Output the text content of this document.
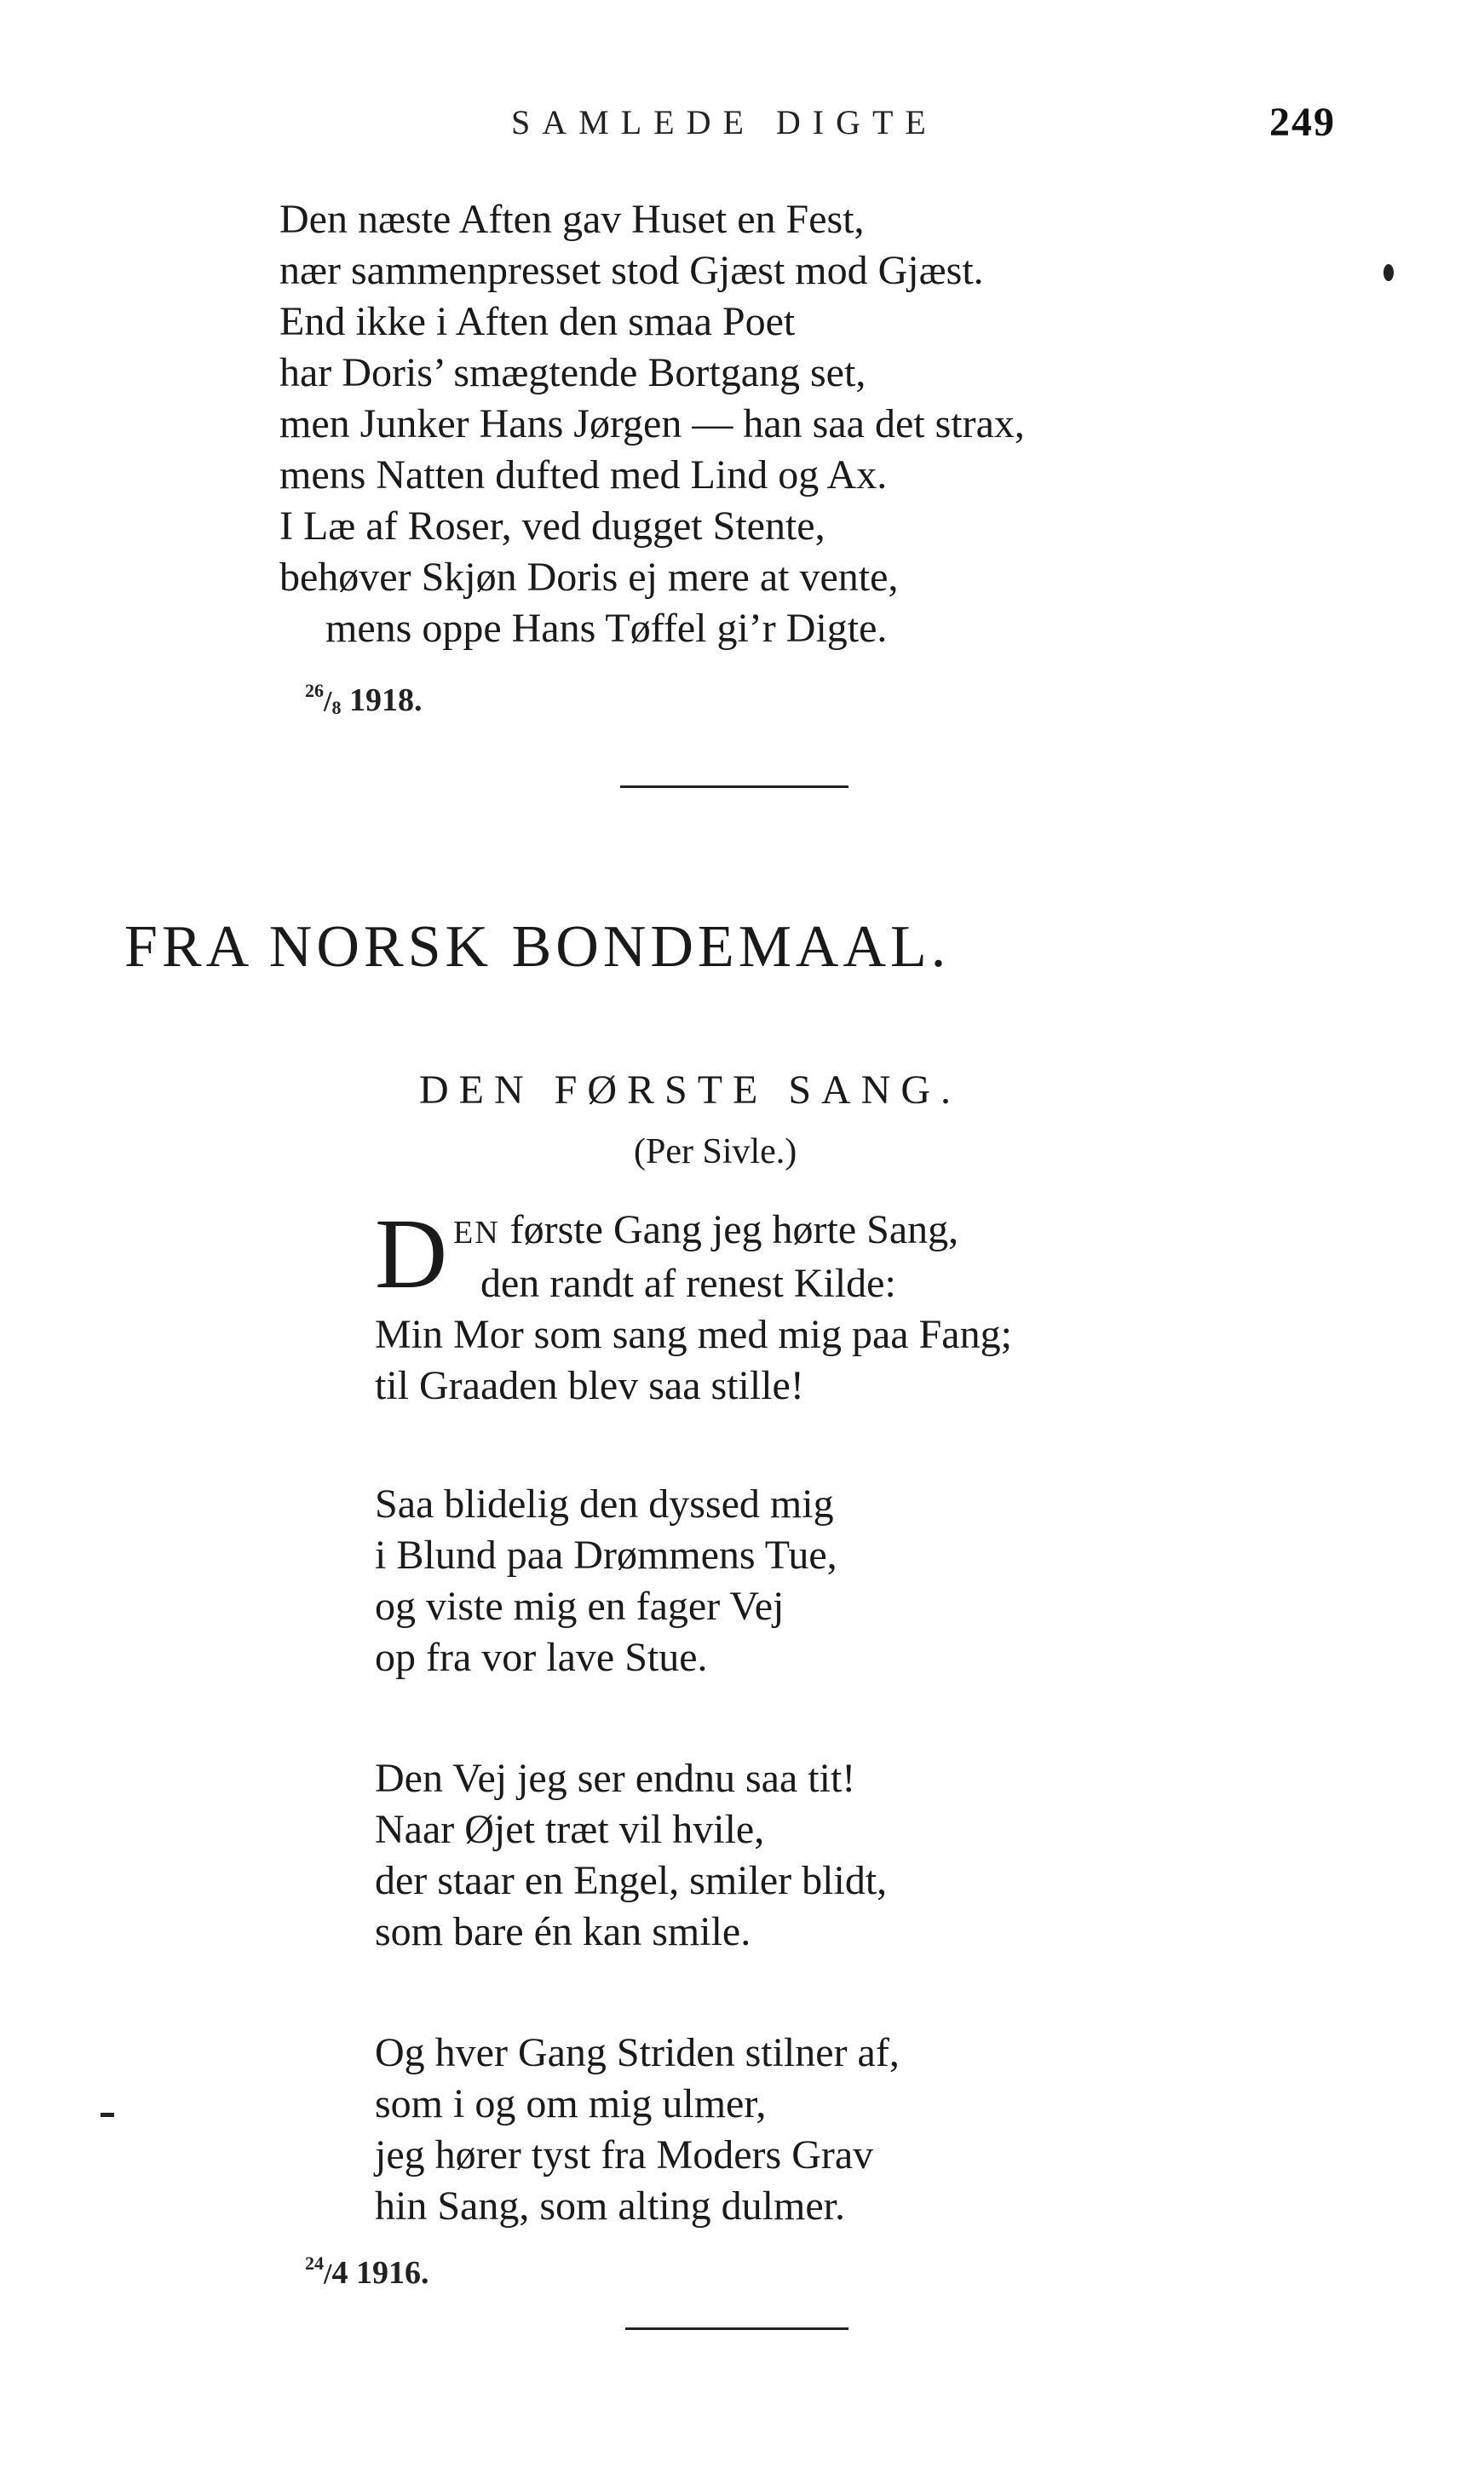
SAMLEDE DIGTE	249
Den næste Aften gav Huset en Fest,
nær sammenpresset stod Gjæst mod Gjæst.
End ikke i Aften den smaa Poet
har Doris’ smægtende Bortgang set,
men Junker Hans Jørgen — han saa det strax,
mens Natten dufted med Lind og Ax.
I Læ af Roser, ved dugget Stente,
behøver Skjøn Doris ej mere at vente,
mens oppe Hans Tøffel gi’r Digte.
$^{26}/_8$ 1918.
FRA NORSK BONDEMAAL.
DEN FØRSTE SANG.
(Per Sivle.)
D EN første Gang jeg hørte Sang,
den randt af renest Kilde:
Min Mor som sang med mig paa Fang;
til Graaden blev saa stille!
Saa blidelig den dyssed mig
i Blund paa Drømmens Tue,
og viste mig en fager Vej
op fra vor lave Stue.
Den Vej jeg ser endnu saa tit!
Naar Øjet træt vil hvile,
der staar en Engel, smiler blidt,
som bare én kan smile.
Og hver Gang Striden stilner af,
som i og om mig ulmer,
jeg hører tyst fra Moders Grav
hin Sang, som alting dulmer.
$^{24}$/4 1916.
